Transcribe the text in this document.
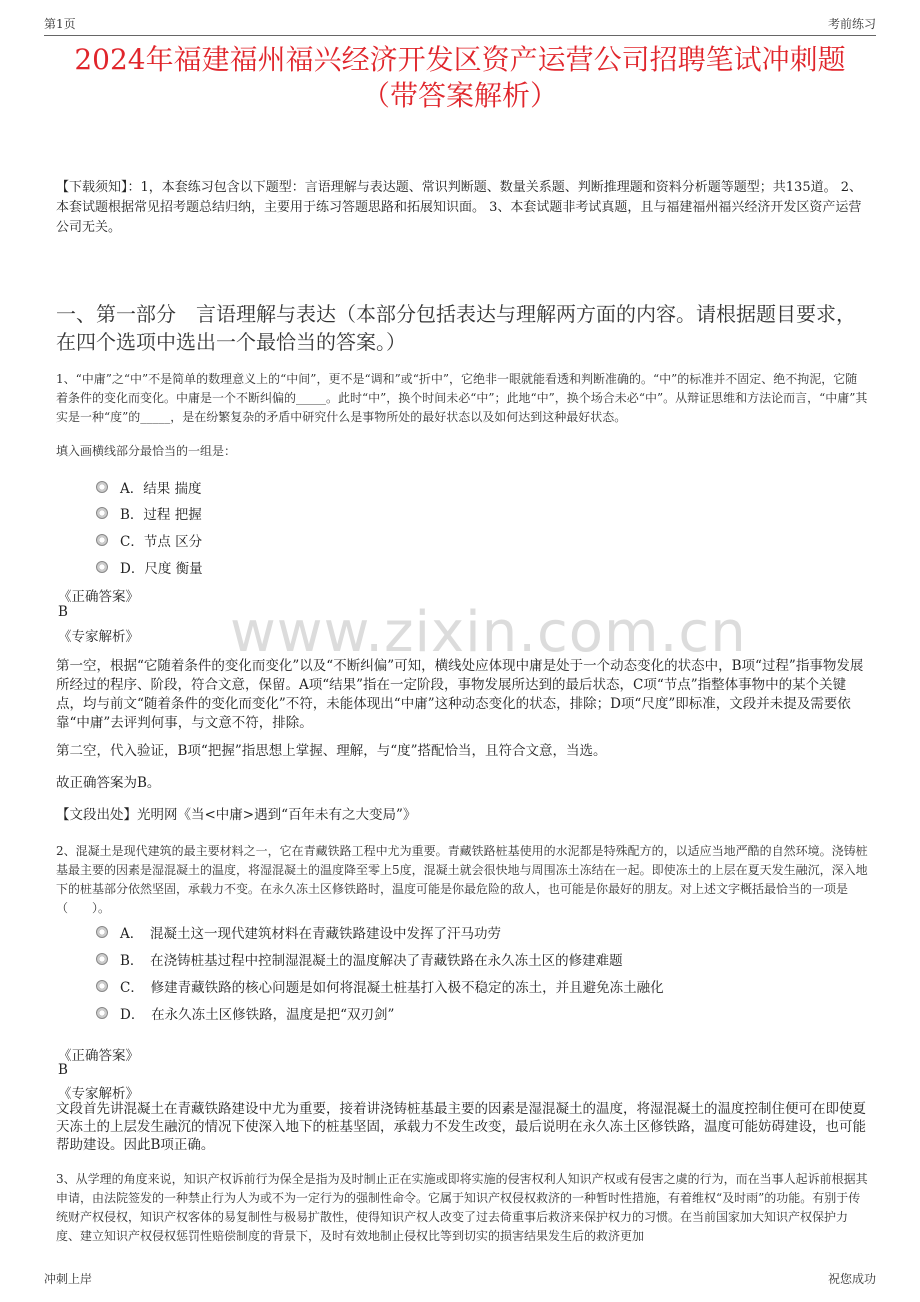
第1页	考前练习
2024年福建福州福兴经济开发区资产运营公司招聘笔试冲刺题
（带答案解析）
【下载须知】：1，本套练习包含以下题型：言语理解与表达题、常识判断题、数量关系题、判断推理题和资料分析题等题型；共135道。 2、本套试题根据常见招考题总结归纳，主要用于练习答题思路和拓展知识面。 3、本套试题非考试真题，且与福建福州福兴经济开发区资产运营公司无关。
一、第一部分　言语理解与表达（本部分包括表达与理解两方面的内容。请根据题目要求，在四个选项中选出一个最恰当的答案。）
1、“中庸”之“中”不是简单的数理意义上的“中间”，更不是“调和”或“折中”，它绝非一眼就能看透和判断准确的。“中”的标准并不固定、绝不拘泥，它随着条件的变化而变化。中庸是一个不断纠偏的_____。此时“中”，换个时间未必“中”；此地“中”，换个场合未必“中”。从辩证思维和方法论而言，“中庸”其实是一种“度”的_____，是在纷繁复杂的矛盾中研究什么是事物所处的最好状态以及如何达到这种最好状态。
填入画横线部分最恰当的一组是：
A．结果 揣度
B．过程 把握
C．节点 区分
D．尺度 衡量
《正确答案》
B
《专家解析》 www.zixin.com.cn
第一空，根据“它随着条件的变化而变化”以及“不断纠偏”可知，横线处应体现中庸是处于一个动态变化的状态中，B项“过程”指事物发展所经过的程序、阶段，符合文意，保留。A项“结果”指在一定阶段，事物发展所达到的最后状态，C项“节点”指整体事物中的某个关键点，均与前文“随着条件的变化而变化”不符，未能体现出“中庸”这种动态变化的状态，排除；D项“尺度”即标准，文段并未提及需要依靠“中庸”去评判何事，与文意不符，排除。
第二空，代入验证，B项“把握”指思想上掌握、理解，与“度”搭配恰当，且符合文意，当选。
故正确答案为B。
【文段出处】光明网《当<中庸>遇到“百年未有之大变局”》
2、混凝土是现代建筑的最主要材料之一，它在青藏铁路工程中尤为重要。青藏铁路桩基使用的水泥都是特殊配方的，以适应当地严酷的自然环境。浇铸桩基最主要的因素是湿混凝土的温度，将湿混凝土的温度降至零上5度，混凝土就会很快地与周围冻土冻结在一起。即使冻土的上层在夏天发生融沉，深入地下的桩基部分依然坚固，承载力不变。在永久冻土区修铁路时，温度可能是你最危险的敌人，也可能是你最好的朋友。对上述文字概括最恰当的一项是（　　）。
A．　混凝土这一现代建筑材料在青藏铁路建设中发挥了汗马功劳
B．　在浇铸桩基过程中控制湿混凝土的温度解决了青藏铁路在永久冻土区的修建难题
C．　修建青藏铁路的核心问题是如何将混凝土桩基打入极不稳定的冻土，并且避免冻土融化
D．　在永久冻土区修铁路，温度是把“双刃剑”
《正确答案》
B
《专家解析》
文段首先讲混凝土在青藏铁路建设中尤为重要，接着讲浇铸桩基最主要的因素是湿混凝土的温度，将湿混凝土的温度控制住便可在即使夏天冻土的上层发生融沉的情况下使深入地下的桩基坚固，承载力不发生改变，最后说明在永久冻土区修铁路，温度可能妨碍建设，也可能帮助建设。因此B项正确。
3、从学理的角度来说，知识产权诉前行为保全是指为及时制止正在实施或即将实施的侵害权利人知识产权或有侵害之虞的行为，而在当事人起诉前根据其申请，由法院签发的一种禁止行为人为或不为一定行为的强制性命令。它属于知识产权侵权救济的一种暂时性措施，有着维权“及时雨”的功能。有别于传统财产权侵权，知识产权客体的易复制性与极易扩散性，使得知识产权人改变了过去倚重事后救济来保护权力的习惯。在当前国家加大知识产权保护力度、建立知识产权侵权惩罚性赔偿制度的背景下，及时有效地制止侵权比等到切实的损害结果发生后的救济更加
冲刺上岸	祝您成功
